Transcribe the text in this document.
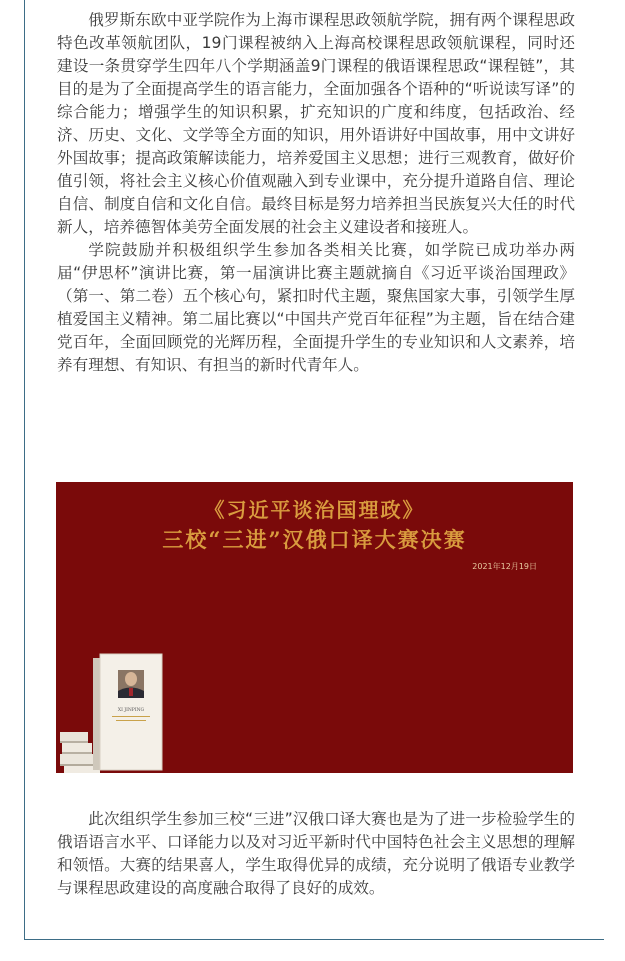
俄罗斯东欧中亚学院作为上海市课程思政领航学院，拥有两个课程思政特色改革领航团队，19门课程被纳入上海高校课程思政领航课程，同时还建设一条贯穿学生四年八个学期涵盖9门课程的俄语课程思政“课程链”，其目的是为了全面提高学生的语言能力，全面加强各个语种的“听说读写译”的综合能力；增强学生的知识积累，扩充知识的广度和纬度，包括政治、经济、历史、文化、文学等全方面的知识，用外语讲好中国故事，用中文讲好外国故事；提高政策解读能力，培养爱国主义思想；进行三观教育，做好价值引领，将社会主义核心价值观融入到专业课中，充分提升道路自信、理论自信、制度自信和文化自信。最终目标是努力培养担当民族复兴大任的时代新人，培养德智体美劳全面发展的社会主义建设者和接班人。

学院鼓励并积极组织学生参加各类相关比赛，如学院已成功举办两届“伊思杯”演讲比赛，第一届演讲比赛主题就摘自《习近平谈治国理政》（第一、第二卷）五个核心句，紧扣时代主题，聚焦国家大事，引领学生厚植爱国主义精神。第二届比赛以“中国共产党百年征程”为主题，旨在结合建党百年，全面回顾党的光辉历程，全面提升学生的专业知识和人文素养，培养有理想、有知识、有担当的新时代青年人。

《习近平谈治国理政》
三校“三进”汉俄口译大赛决赛
2021年12月19日
XI JINPING

此次组织学生参加三校“三进”汉俄口译大赛也是为了进一步检验学生的俄语语言水平、口译能力以及对习近平新时代中国特色社会主义思想的理解和领悟。大赛的结果喜人，学生取得优异的成绩，充分说明了俄语专业教学与课程思政建设的高度融合取得了良好的成效。
